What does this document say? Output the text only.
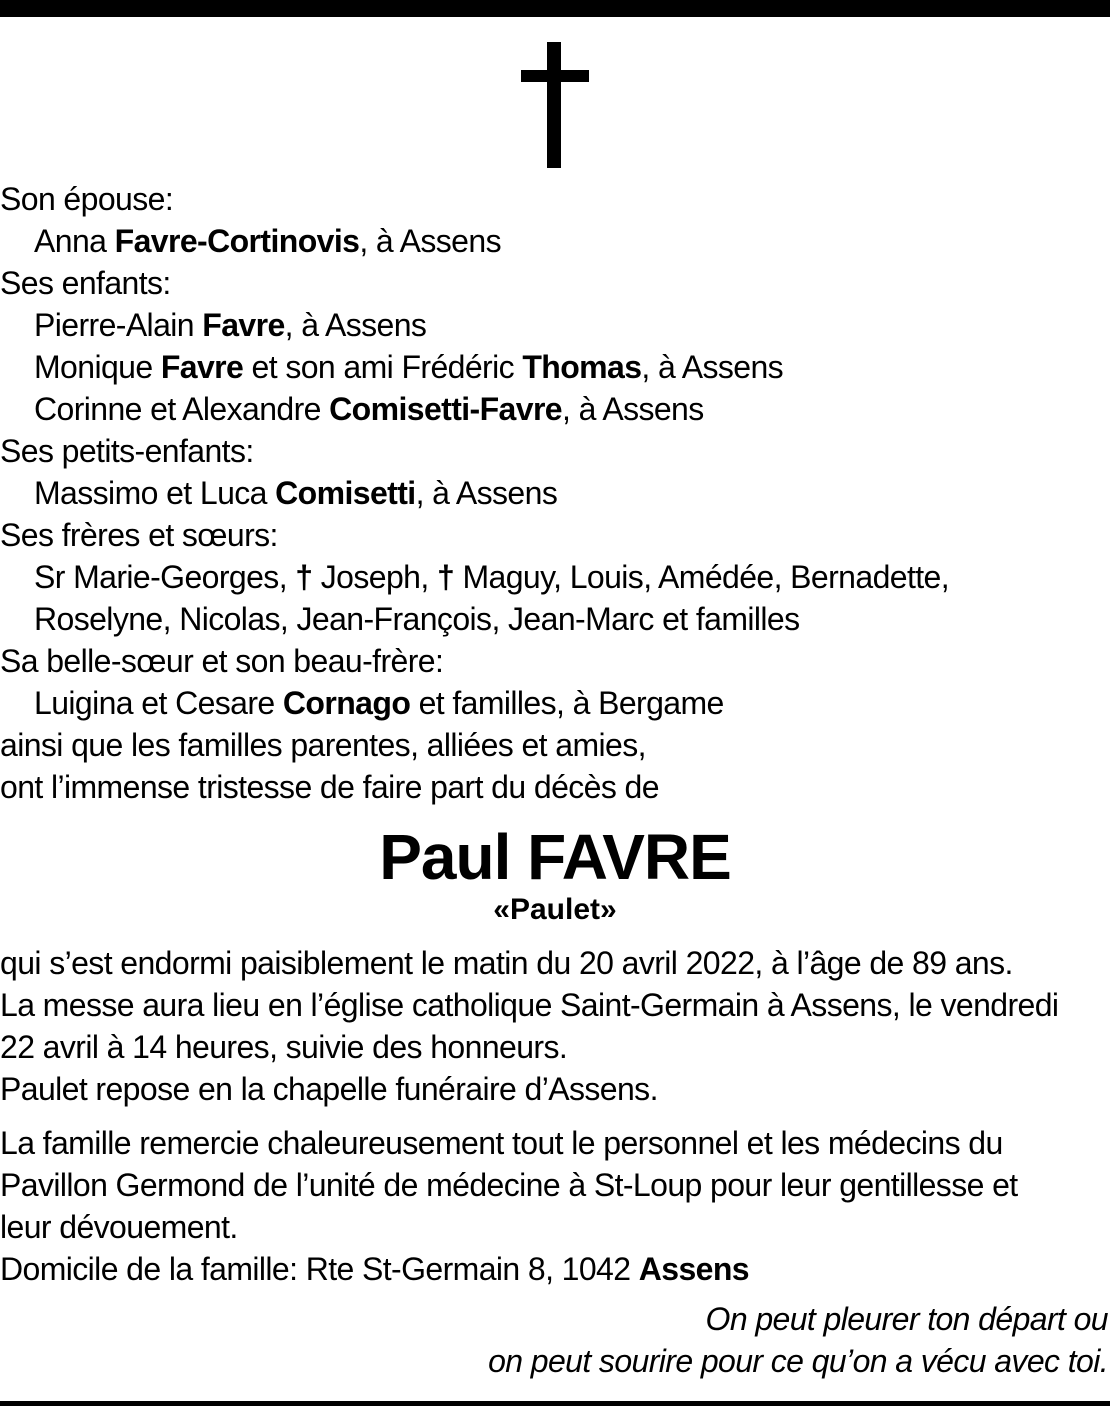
Son épouse:
Anna Favre-Cortinovis, à Assens
Ses enfants:
Pierre-Alain Favre, à Assens
Monique Favre et son ami Frédéric Thomas, à Assens
Corinne et Alexandre Comisetti-Favre, à Assens
Ses petits-enfants:
Massimo et Luca Comisetti, à Assens
Ses frères et sœurs:
Sr Marie-Georges, † Joseph, † Maguy, Louis, Amédée, Bernadette,
Roselyne, Nicolas, Jean-François, Jean-Marc et familles
Sa belle-sœur et son beau-frère:
Luigina et Cesare Cornago et familles, à Bergame
ainsi que les familles parentes, alliées et amies,
ont l’immense tristesse de faire part du décès de
Paul FAVRE
«Paulet»
qui s’est endormi paisiblement le matin du 20 avril 2022, à l’âge de 89 ans.
La messe aura lieu en l’église catholique Saint-Germain à Assens, le vendredi
22 avril à 14 heures, suivie des honneurs.
Paulet repose en la chapelle funéraire d’Assens.
La famille remercie chaleureusement tout le personnel et les médecins du
Pavillon Germond de l’unité de médecine à St-Loup pour leur gentillesse et
leur dévouement.
Domicile de la famille: Rte St-Germain 8, 1042 Assens
On peut pleurer ton départ ou
on peut sourire pour ce qu’on a vécu avec toi.
